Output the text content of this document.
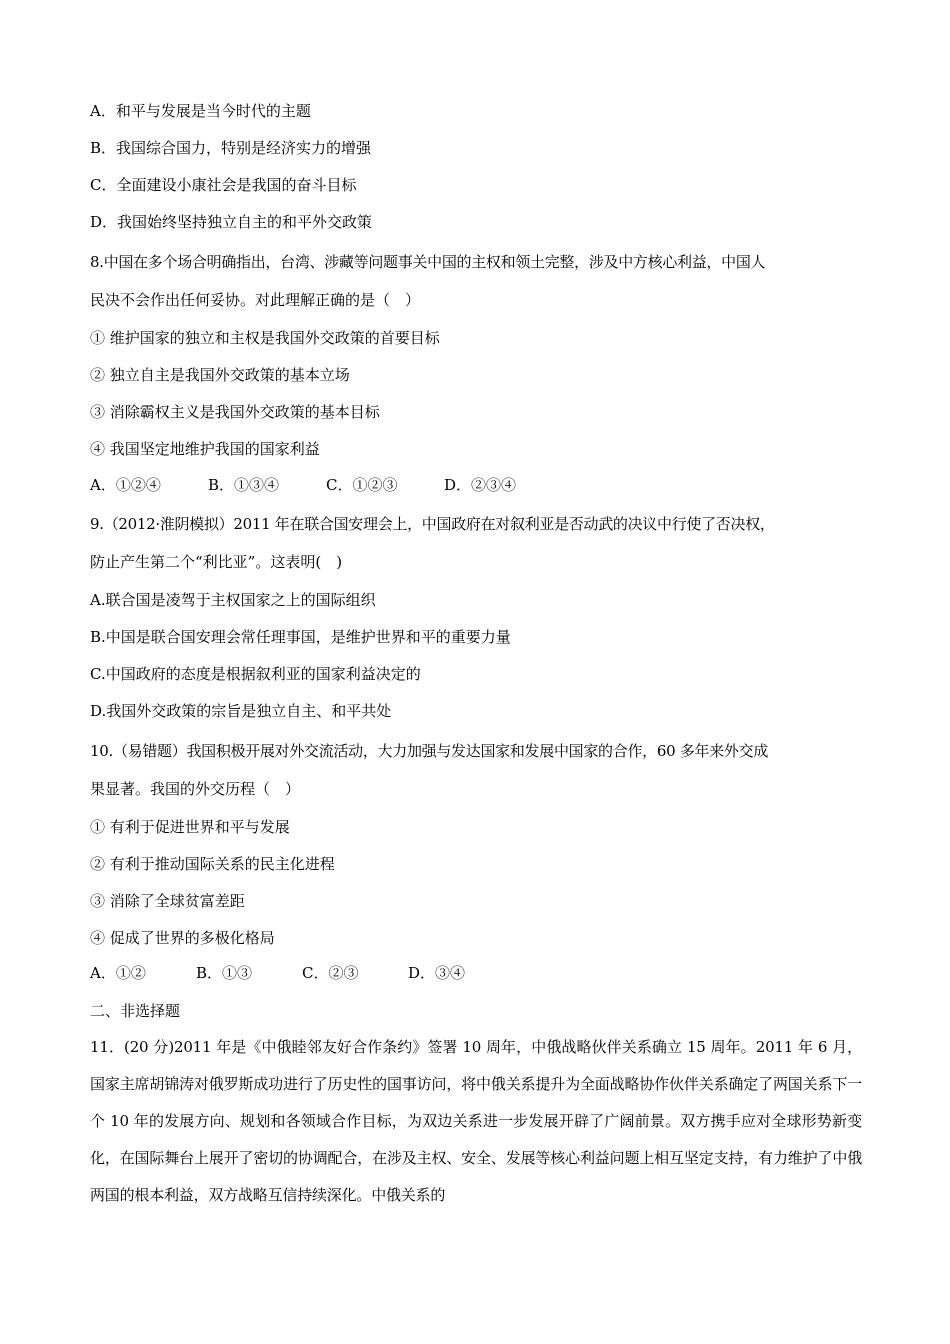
A．和平与发展是当今时代的主题
B．我国综合国力，特别是经济实力的增强
C．全面建设小康社会是我国的奋斗目标
D．我国始终坚持独立自主的和平外交政策
8.中国在多个场合明确指出，台湾、涉藏等问题事关中国的主权和领土完整，涉及中方核心利益，中国人
民决不会作出任何妥协。对此理解正确的是（　）
① 维护国家的独立和主权是我国外交政策的首要目标
② 独立自主是我国外交政策的基本立场
③ 消除霸权主义是我国外交政策的基本目标
④ 我国坚定地维护我国的国家利益
A．①②④	B．①③④	C．①②③	D．②③④
9.（2012·淮阴模拟）2011 年在联合国安理会上，中国政府在对叙利亚是否动武的决议中行使了否决权，
防止产生第二个“利比亚”。这表明(　)
A.联合国是凌驾于主权国家之上的国际组织
B.中国是联合国安理会常任理事国，是维护世界和平的重要力量
C.中国政府的态度是根据叙利亚的国家利益决定的
D.我国外交政策的宗旨是独立自主、和平共处
10.（易错题）我国积极开展对外交流活动，大力加强与发达国家和发展中国家的合作，60 多年来外交成
果显著。我国的外交历程（　）
① 有利于促进世界和平与发展
② 有利于推动国际关系的民主化进程
③ 消除了全球贫富差距
④ 促成了世界的多极化格局
A．①②	B．①③	C．②③	D．③④
二、非选择题
11．(20 分)2011 年是《中俄睦邻友好合作条约》签署 10 周年，中俄战略伙伴关系确立 15 周年。2011 年 6 月，国家主席胡锦涛对俄罗斯成功进行了历史性的国事访问，将中俄关系提升为全面战略协作伙伴关系确定了两国关系下一个 10 年的发展方向、规划和各领域合作目标，为双边关系进一步发展开辟了广阔前景。双方携手应对全球形势新变化，在国际舞台上展开了密切的协调配合，在涉及主权、安全、发展等核心利益问题上相互坚定支持，有力维护了中俄两国的根本利益，双方战略互信持续深化。中俄关系的
